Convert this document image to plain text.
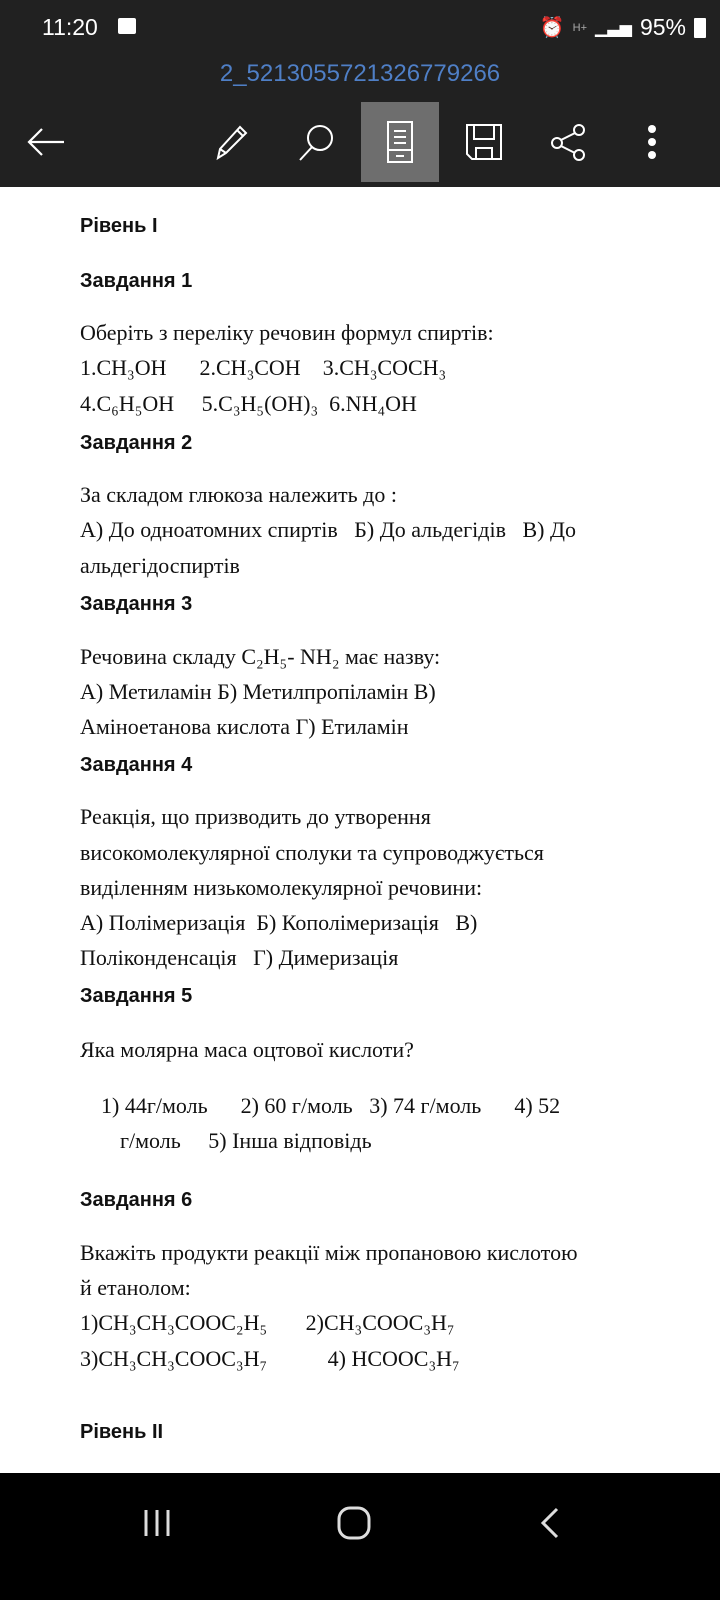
11:20	⏰ H+ ▁▃▅ 95%
2_5213055721326779266
Рівень I
Завдання 1
Оберіть з переліку речовин формул спиртів:
1.CH₃OH      2.CH₃COH    3.CH₃COCH₃
4.C₆H₅OH     5.C₃H₅(OH)₃  6.NH₄OH
Завдання 2
За складом глюкоза належить до :
А) До одноатомних спиртів   Б) До альдегідів   В) До
альдегідоспиртів
Завдання 3
Речовина складу C₂H₅- NH₂ має назву:
А) Метиламін Б) Метилпропіламін В)
Аміноетанова кислота Г) Етиламін
Завдання 4
Реакція, що призводить до утворення
високомолекулярної сполуки та супроводжується
виділенням низькомолекулярної речовини:
А) Полімеризація  Б) Кополімеризація   В)
Поліконденсація   Г) Димеризація
Завдання 5
Яка молярна маса оцтової кислоти?
1) 44г/моль      2) 60 г/моль   3) 74 г/моль      4) 52
г/моль     5) Інша відповідь
Завдання 6
Вкажіть продукти реакції між пропановою кислотою
й етанолом:
1)CH₃CH₃COOC₂H₅       2)CH₃COOC₃H₇
3)CH₃CH₃COOC₃H₇           4) HCOOC₃H₇
Рівень II
